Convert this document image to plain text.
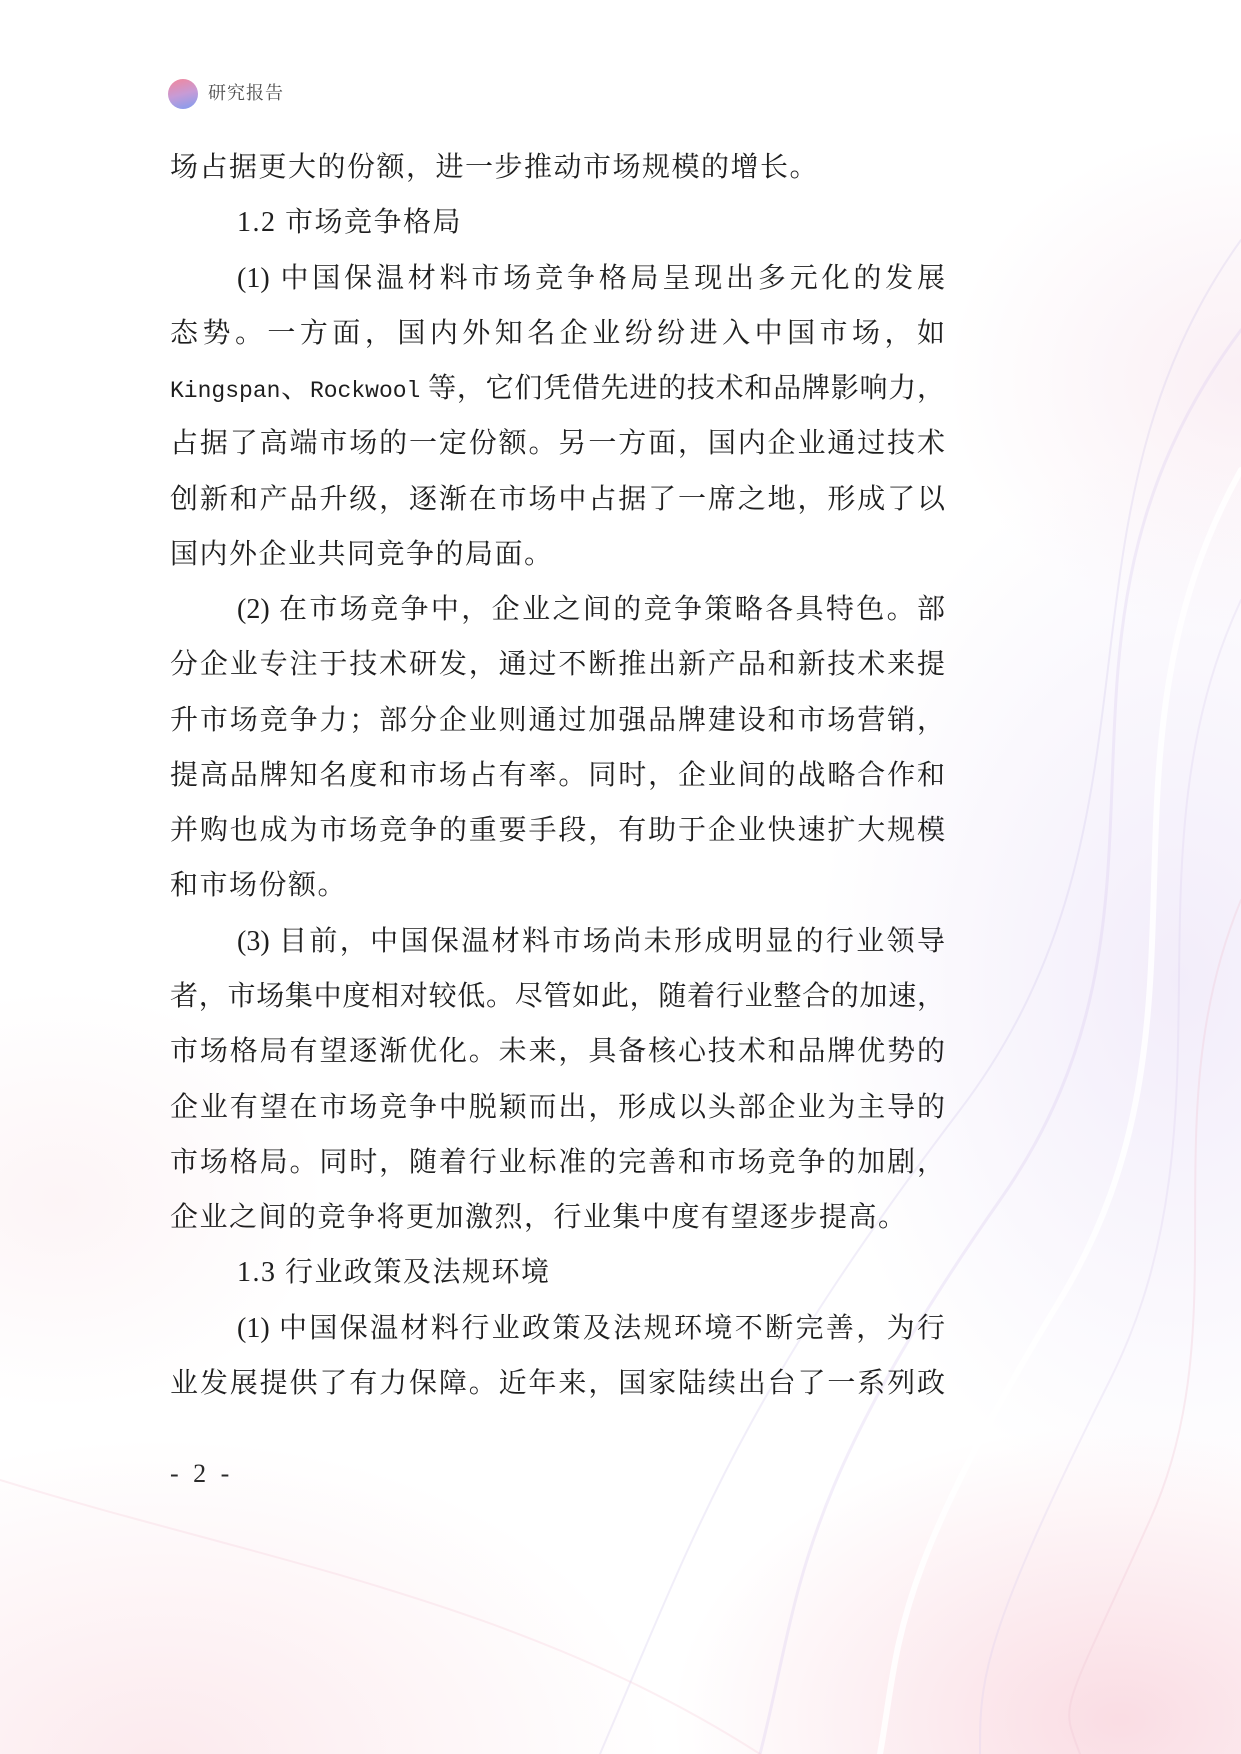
研究报告
场占据更大的份额，进一步推动市场规模的增长。
1.2 市场竞争格局
(1) 中国保温材料市场竞争格局呈现出多元化的发展
态势。一方面，国内外知名企业纷纷进入中国市场，如
Kingspan、Rockwool 等，它们凭借先进的技术和品牌影响力，
占据了高端市场的一定份额。另一方面，国内企业通过技术
创新和产品升级，逐渐在市场中占据了一席之地，形成了以
国内外企业共同竞争的局面。
(2) 在市场竞争中，企业之间的竞争策略各具特色。部
分企业专注于技术研发，通过不断推出新产品和新技术来提
升市场竞争力；部分企业则通过加强品牌建设和市场营销，
提高品牌知名度和市场占有率。同时，企业间的战略合作和
并购也成为市场竞争的重要手段，有助于企业快速扩大规模
和市场份额。
(3) 目前，中国保温材料市场尚未形成明显的行业领导
者，市场集中度相对较低。尽管如此，随着行业整合的加速，
市场格局有望逐渐优化。未来，具备核心技术和品牌优势的
企业有望在市场竞争中脱颖而出，形成以头部企业为主导的
市场格局。同时，随着行业标准的完善和市场竞争的加剧，
企业之间的竞争将更加激烈，行业集中度有望逐步提高。
1.3 行业政策及法规环境
(1) 中国保温材料行业政策及法规环境不断完善，为行
业发展提供了有力保障。近年来，国家陆续出台了一系列政
- 2 -
